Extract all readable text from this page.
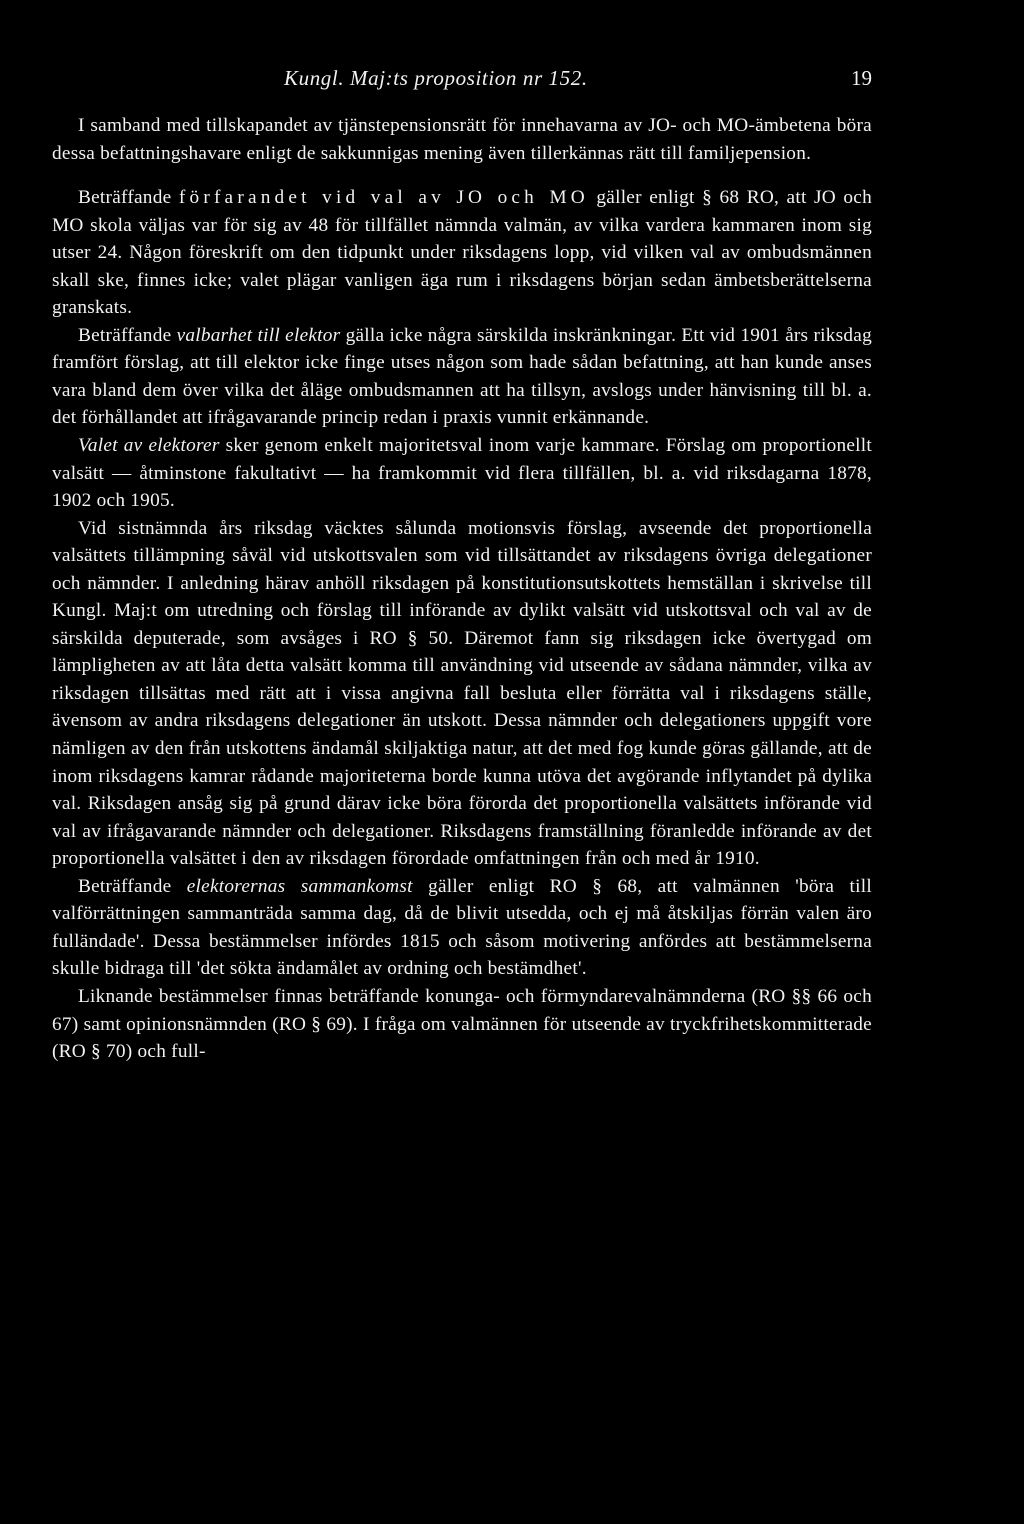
Kungl. Maj:ts proposition nr 152.	19

I samband med tillskapandet av tjänstepensionsrätt för innehavarna av JO- och MO-ämbetena böra dessa befattningshavare enligt de sakkunnigas mening även tillerkännas rätt till familjepension.

Beträffande förfarandet vid val av JO och MO gäller enligt § 68 RO, att JO och MO skola väljas var för sig av 48 för tillfället nämnda valmän, av vilka vardera kammaren inom sig utser 24. Någon föreskrift om den tidpunkt under riksdagens lopp, vid vilken val av ombudsmännen skall ske, finnes icke; valet plägar vanligen äga rum i riksdagens början sedan ämbetsberättelserna granskats.

Beträffande valbarhet till elektor gälla icke några särskilda inskränkningar. Ett vid 1901 års riksdag framfört förslag, att till elektor icke finge utses någon som hade sådan befattning, att han kunde anses vara bland dem över vilka det åläge ombudsmannen att ha tillsyn, avslogs under hänvisning till bl. a. det förhållandet att ifrågavarande princip redan i praxis vunnit erkännande.

Valet av elektorer sker genom enkelt majoritetsval inom varje kammare. Förslag om proportionellt valsätt — åtminstone fakultativt — ha framkommit vid flera tillfällen, bl. a. vid riksdagarna 1878, 1902 och 1905.

Vid sistnämnda års riksdag väcktes sålunda motionsvis förslag, avseende det proportionella valsättets tillämpning såväl vid utskottsvalen som vid tillsättandet av riksdagens övriga delegationer och nämnder. I anledning härav anhöll riksdagen på konstitutionsutskottets hemställan i skrivelse till Kungl. Maj:t om utredning och förslag till införande av dylikt valsätt vid utskottsval och val av de särskilda deputerade, som avsåges i RO § 50. Däremot fann sig riksdagen icke övertygad om lämpligheten av att låta detta valsätt komma till användning vid utseende av sådana nämnder, vilka av riksdagen tillsättas med rätt att i vissa angivna fall besluta eller förrätta val i riksdagens ställe, ävensom av andra riksdagens delegationer än utskott. Dessa nämnder och delegationers uppgift vore nämligen av den från utskottens ändamål skiljaktiga natur, att det med fog kunde göras gällande, att de inom riksdagens kamrar rådande majoriteterna borde kunna utöva det avgörande inflytandet på dylika val. Riksdagen ansåg sig på grund därav icke böra förorda det proportionella valsättets införande vid val av ifrågavarande nämnder och delegationer. Riksdagens framställning föranledde införande av det proportionella valsättet i den av riksdagen förordade omfattningen från och med år 1910.

Beträffande elektorernas sammankomst gäller enligt RO § 68, att valmännen 'böra till valförrättningen sammanträda samma dag, då de blivit utsedda, och ej må åtskiljas förrän valen äro fulländade'. Dessa bestämmelser infördes 1815 och såsom motivering anfördes att bestämmelserna skulle bidraga till 'det sökta ändamålet av ordning och bestämdhet'.

Liknande bestämmelser finnas beträffande konunga- och förmyndarevalnämnderna (RO §§ 66 och 67) samt opinionsnämnden (RO § 69). I fråga om valmännen för utseende av tryckfrihetskommitterade (RO § 70) och full-
